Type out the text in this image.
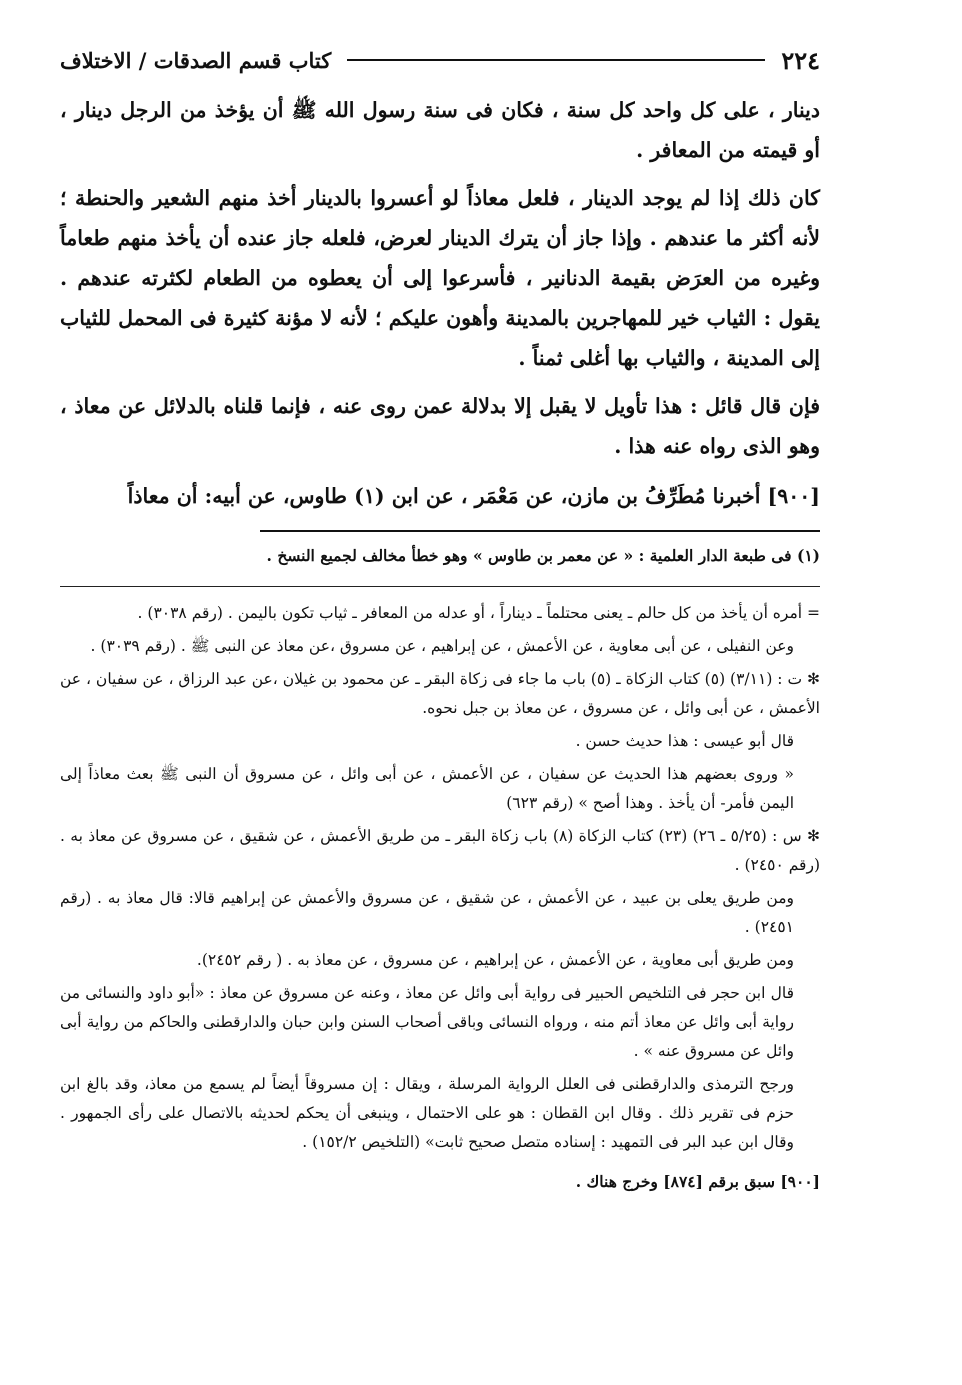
٢٢٤
كتاب قسم الصدقات / الاختلاف

دينار ، على كل واحد كل سنة ، فكان فى سنة رسول الله ﷺ أن يؤخذ من الرجل دينار ، أو قيمته من المعافر .

كان ذلك إذا لم يوجد الدينار ، فلعل معاذاً لو أعسروا بالدينار أخذ منهم الشعير والحنطة ؛ لأنه أكثر ما عندهم . وإذا جاز أن يترك الدينار لعرض، فلعله جاز عنده أن يأخذ منهم طعاماً وغيره من العرَض بقيمة الدنانير ، فأسرعوا إلى أن يعطوه من الطعام لكثرته عندهم . يقول : الثياب خير للمهاجرين بالمدينة وأهون عليكم ؛ لأنه لا مؤنة كثيرة فى المحمل للثياب إلى المدينة ، والثياب بها أغلى ثمناً .

فإن قال قائل : هذا تأويل لا يقبل إلا بدلالة عمن روى عنه ، فإنما قلناه بالدلائل عن معاذ ، وهو الذى رواه عنه هذا .

[٩٠٠] أخبرنا مُطَرِّفُ بن مازن، عن مَعْمَر ، عن ابن (١) طاوس، عن أبيه: أن معاذاً

(١) فى طبعة الدار العلمية : « عن معمر بن طاوس » وهو خطأ مخالف لجميع النسخ .

= أمره أن يأخذ من كل حالم ـ يعنى محتلماً ـ ديناراً ، أو عدله من المعافر ـ ثياب تكون باليمن . (رقم ٣٠٣٨) .

وعن النفيلى ، عن أبى معاوية ، عن الأعمش ، عن إبراهيم ، عن مسروق ،عن معاذ عن النبى ﷺ . (رقم ٣٠٣٩) .

✻ ت : (٣/١١) (٥) كتاب الزكاة ـ (٥) باب ما جاء فى زكاة البقر ـ عن محمود بن غيلان ،عن عبد الرزاق ، عن سفيان ، عن الأعمش ، عن أبى وائل ، عن مسروق ، عن معاذ بن جبل نحوه.

قال أبو عيسى : هذا حديث حسن .

« وروى بعضهم هذا الحديث عن سفيان ، عن الأعمش ، عن أبى وائل ، عن مسروق أن النبى ﷺ بعث معاذاً إلى اليمن فأمر- أن يأخذ . وهذا أصح » (رقم ٦٢٣)

✻ س : (٥/٢٥ ـ ٢٦) (٢٣) كتاب الزكاة (٨) باب زكاة البقر ـ من طريق الأعمش ، عن شقيق ، عن مسروق عن معاذ به . (رقم ٢٤٥٠) .

ومن طريق يعلى بن عبيد ، عن الأعمش ، عن شقيق ، عن مسروق والأعمش عن إبراهيم قالا: قال معاذ به . (رقم ٢٤٥١) .

ومن طريق أبى معاوية ، عن الأعمش ، عن إبراهيم ، عن مسروق ، عن معاذ به . ( رقم ٢٤٥٢).

قال ابن حجر فى التلخيص الحبير فى رواية أبى وائل عن معاذ ، وعنه عن مسروق عن معاذ : «أبو داود والنسائى من رواية أبى وائل عن معاذ أتم منه ، ورواه النسائى وباقى أصحاب السنن وابن حبان والدارقطنى والحاكم من رواية أبى وائل عن مسروق عنه » .

ورجح الترمذى والدارقطنى فى العلل الرواية المرسلة ، ويقال : إن مسروقاً أيضاً لم يسمع من معاذ، وقد بالغ ابن حزم فى تقرير ذلك . وقال ابن القطان : هو على الاحتمال ، وينبغى أن يحكم لحديثه بالاتصال على رأى الجمهور . وقال ابن عبد البر فى التمهيد : إسناده متصل صحيح ثابت» (التلخيص ١٥٢/٢) .

[٩٠٠] سبق برقم [٨٧٤] وخرج هناك .
